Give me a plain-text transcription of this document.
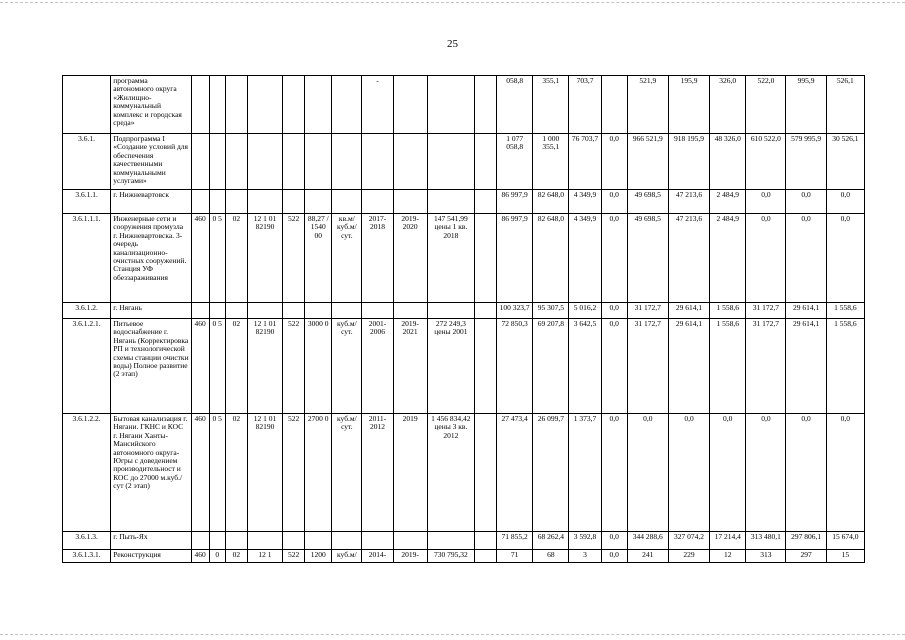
25
	программа автономного округа «Жилищно-коммунальный комплекс и городская среда»								-				058,8	355,1	703,7		521,9	195,9	326,0	522,0	995,9	526,1
3.6.1.	Подпрограмма I «Создание условий для обеспечения качественными коммунальными услугами»												1 077 058,8	1 000 355,1	76 703,7	0,0	966 521,9	918 195,9	48 326,0	610 522,0	579 995,9	30 526,1
3.6.1.1.	г. Нижневартовск												86 997,9	82 648,0	4 349,9	0,0	49 698,5	47 213,6	2 484,9	0,0	0,0	0,0
3.6.1.1.1.	Инженерные сети и сооружения промузла г. Нижневартовска. 3-очередь канализационно-очистных сооружений. Станция УФ обеззараживания	460	0 5	02	12 1 01 82190	522	88,27 / 1540 00	кв.м/ куб.м/ сут.	2017-2018	2019-2020	147 541,99 цены 1 кв. 2018		86 997,9	82 648,0	4 349,9	0,0	49 698,5	47 213,6	2 484,9	0,0	0,0	0,0
3.6.1.2.	г. Нягань												100 323,7	95 307,5	5 016,2	0,0	31 172,7	29 614,1	1 558,6	31 172,7	29 614,1	1 558,6
3.6.1.2.1.	Питьевое водоснабжение г. Нягань (Корректировка РП и технологической схемы станции очистки воды) Полное развитие (2 этап)	460	0 5	02	12 1 01 82190	522	3000 0	куб.м/ сут.	2001-2006	2019-2021	272 249,3 цены 2001		72 850,3	69 207,8	3 642,5	0,0	31 172,7	29 614,1	1 558,6	31 172,7	29 614,1	1 558,6
3.6.1.2.2.	Бытовая канализация г. Нягани. ГКНС и КОС г. Нягани Ханты-Мансийского автономного округа-Югры с доведением производительност и КОС до 27000 м.куб./сут (2 этап)	460	0 5	02	12 1 01 82190	522	2700 0	куб.м/ сут.	2011-2012	2019	1 456 834,42 цены 3 кв. 2012		27 473,4	26 099,7	1 373,7	0,0	0,0	0,0	0,0	0,0	0,0	0,0
3.6.1.3.	г. Пыть-Ях												71 855,2	68 262,4	3 592,8	0,0	344 288,6	327 074,2	17 214,4	313 480,1	297 806,1	15 674,0
3.6.1.3.1.	Реконструкция	460	0	02	12 1	522	1200	куб.м/	2014-	2019-	730 795,32		71	68	3	0,0	241	229	12	313	297	15
